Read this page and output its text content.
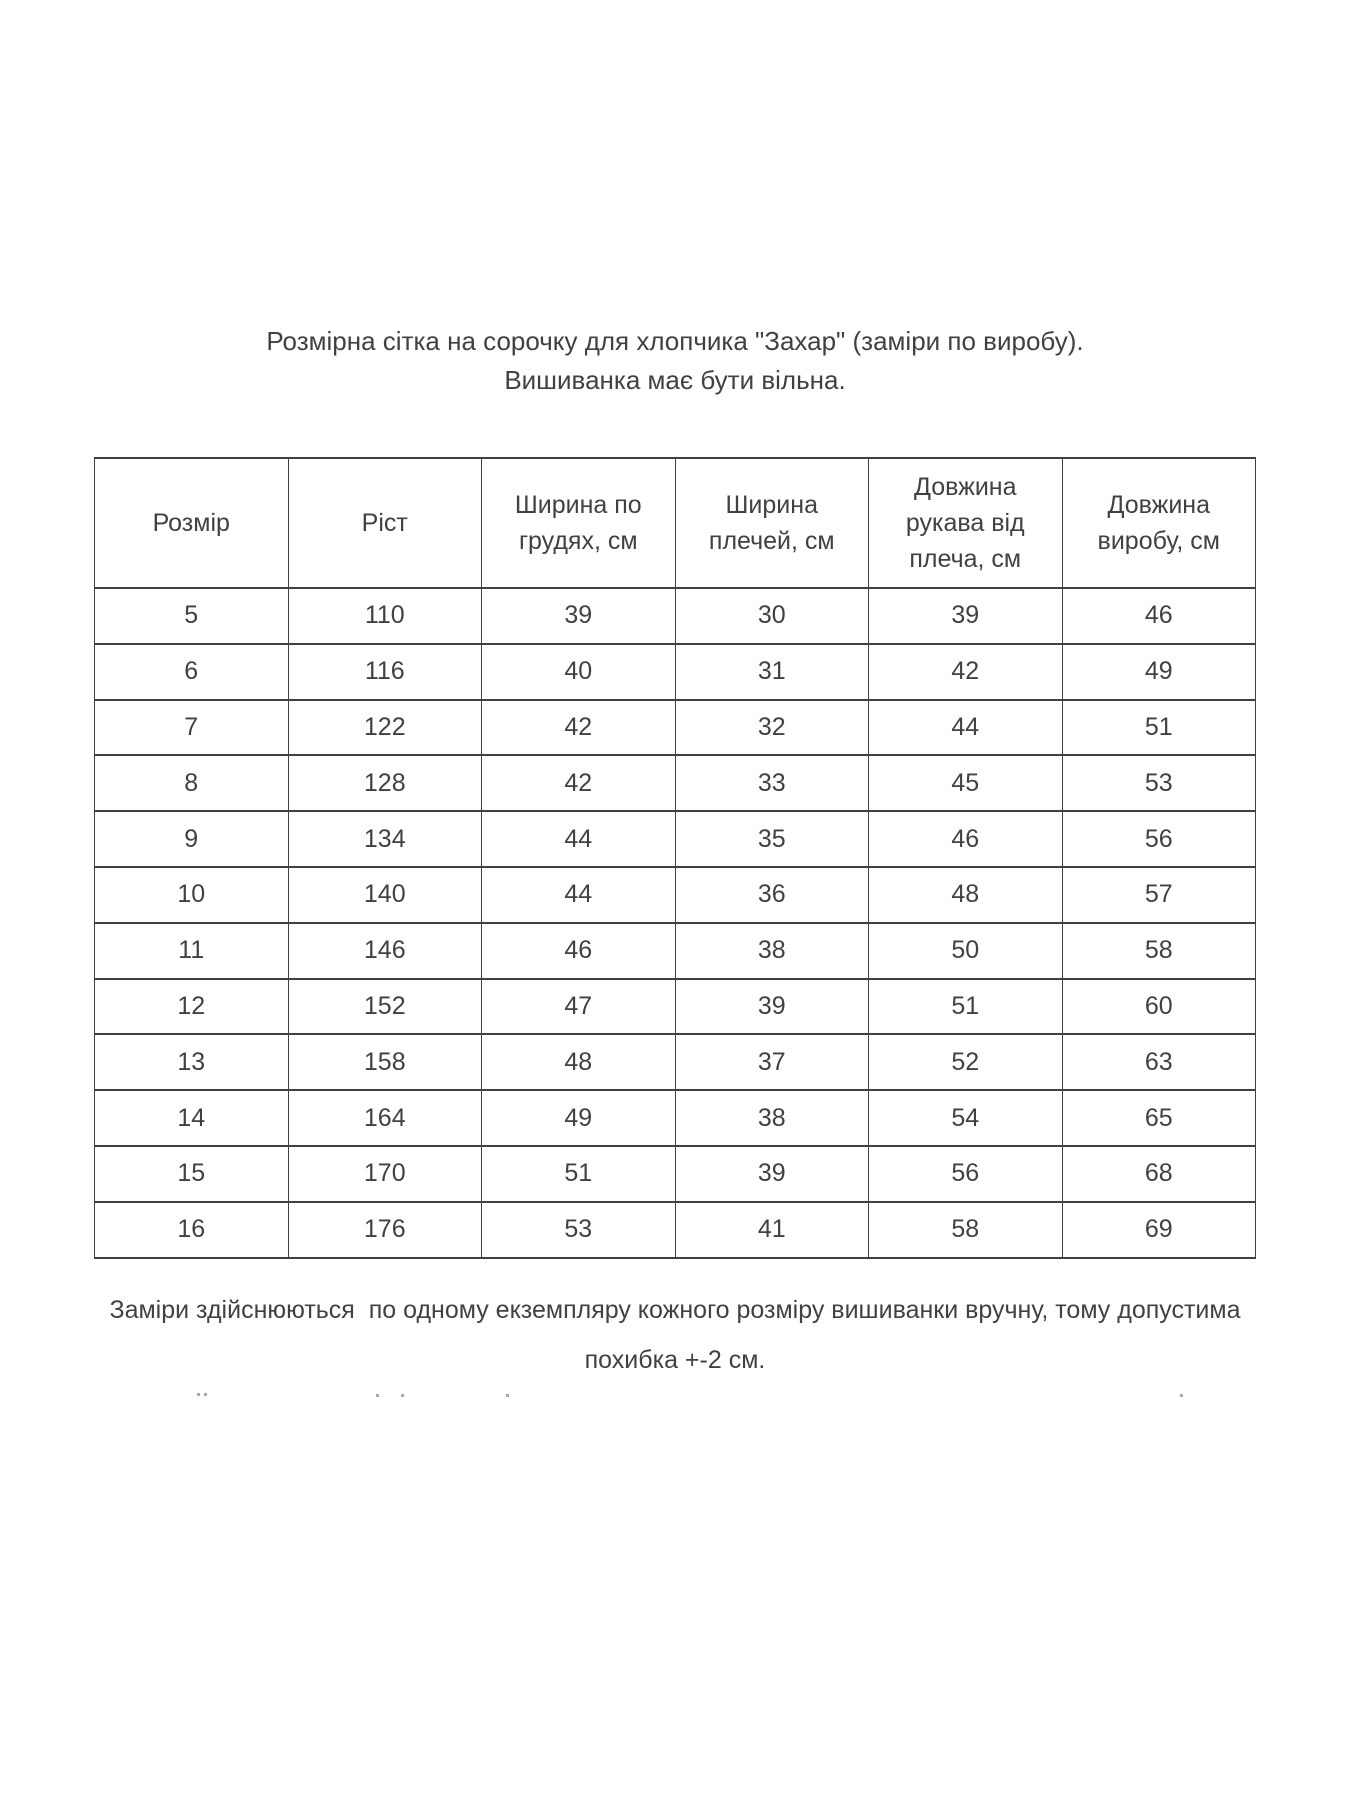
Розмірна сітка на сорочку для хлопчика "Захар" (заміри по виробу).
Вишиванка має бути вільна.
Розмір	Ріст	Ширина по грудях, см	Ширина плечей, см	Довжина рукава від плеча, см	Довжина виробу, см
5	110	39	30	39	46
6	116	40	31	42	49
7	122	42	32	44	51
8	128	42	33	45	53
9	134	44	35	46	56
10	140	44	36	48	57
11	146	46	38	50	58
12	152	47	39	51	60
13	158	48	37	52	63
14	164	49	38	54	65
15	170	51	39	56	68
16	176	53	41	58	69
Заміри здійснюються  по одному екземпляру кожного розміру вишиванки вручну, тому допустима
похибка +-2 см.
